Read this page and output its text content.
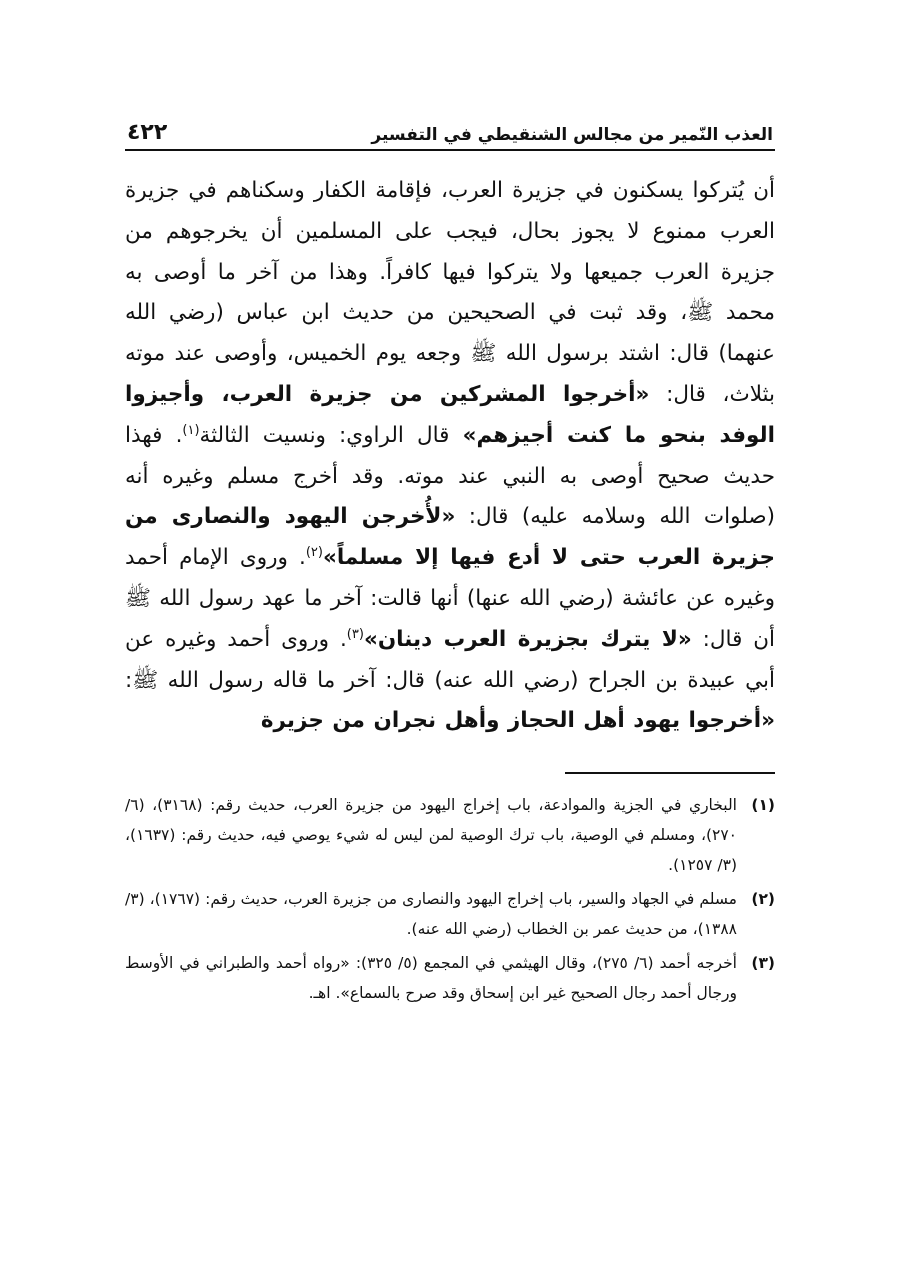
العذب النّمير من مجالس الشنقيطي في التفسير
٤٢٢

أن يُتركوا يسكنون في جزيرة العرب، فإقامة الكفار وسكناهم في جزيرة العرب ممنوع لا يجوز بحال، فيجب على المسلمين أن يخرجوهم من جزيرة العرب جميعها ولا يتركوا فيها كافراً. وهذا من آخر ما أوصى به محمد ﷺ، وقد ثبت في الصحيحين من حديث ابن عباس (رضي الله عنهما) قال: اشتد برسول الله ﷺ وجعه يوم الخميس، وأوصى عند موته بثلاث، قال: «أخرجوا المشركين من جزيرة العرب، وأجيزوا الوفد بنحو ما كنت أجيزهم» قال الراوي: ونسيت الثالثة$^{(١)}$. فهذا حديث صحيح أوصى به النبي عند موته. وقد أخرج مسلم وغيره أنه (صلوات الله وسلامه عليه) قال: «لأُخرجن اليهود والنصارى من جزيرة العرب حتى لا أدع فيها إلا مسلماً»$^{(٢)}$. وروى الإمام أحمد وغيره عن عائشة (رضي الله عنها) أنها قالت: آخر ما عهد رسول الله ﷺ أن قال: «لا يترك بجزيرة العرب دينان»$^{(٣)}$. وروى أحمد وغيره عن أبي عبيدة بن الجراح (رضي الله عنه) قال: آخر ما قاله رسول الله ﷺ: «أخرجوا يهود أهل الحجاز وأهل نجران من جزيرة

(١)
البخاري في الجزية والموادعة، باب إخراج اليهود من جزيرة العرب، حديث رقم: (٣١٦٨)، (٦/ ٢٧٠)، ومسلم في الوصية، باب ترك الوصية لمن ليس له شيء يوصي فيه، حديث رقم: (١٦٣٧)، (٣/ ١٢٥٧).
(٢)
مسلم في الجهاد والسير، باب إخراج اليهود والنصارى من جزيرة العرب، حديث رقم: (١٧٦٧)، (٣/ ١٣٨٨)، من حديث عمر بن الخطاب (رضي الله عنه).
(٣)
أخرجه أحمد (٦/ ٢٧٥)، وقال الهيثمي في المجمع (٥/ ٣٢٥): «رواه أحمد والطبراني في الأوسط ورجال أحمد رجال الصحيح غير ابن إسحاق وقد صرح بالسماع». اهـ.
